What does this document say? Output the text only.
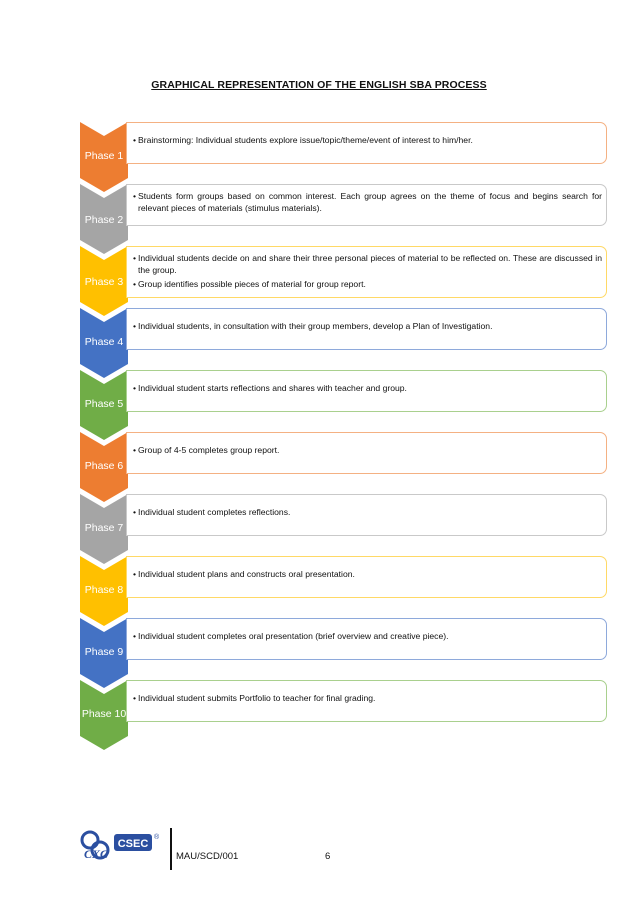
GRAPHICAL REPRESENTATION OF THE ENGLISH SBA PROCESS
Phase 1
• Brainstorming: Individual students explore issue/topic/theme/event of interest to him/her.
Phase 2
• Students form groups based on common interest. Each group agrees on the theme of focus and begins search for relevant pieces of materials (stimulus materials).
Phase 3
• Individual students decide on and share their three personal pieces of material to be reflected on. These are discussed in the group.
• Group identifies possible pieces of material for group report.
Phase 4
• Individual students, in consultation with their group members, develop a Plan of Investigation.
Phase 5
• Individual student starts reflections and shares with teacher and group.
Phase 6
• Group of 4-5 completes group report.
Phase 7
• Individual student completes reflections.
Phase 8
• Individual student plans and constructs oral presentation.
Phase 9
• Individual student completes oral presentation (brief overview and creative piece).
Phase 10
• Individual student submits Portfolio to teacher for final grading.
CXC
CSEC
®
MAU/SCD/001	6
